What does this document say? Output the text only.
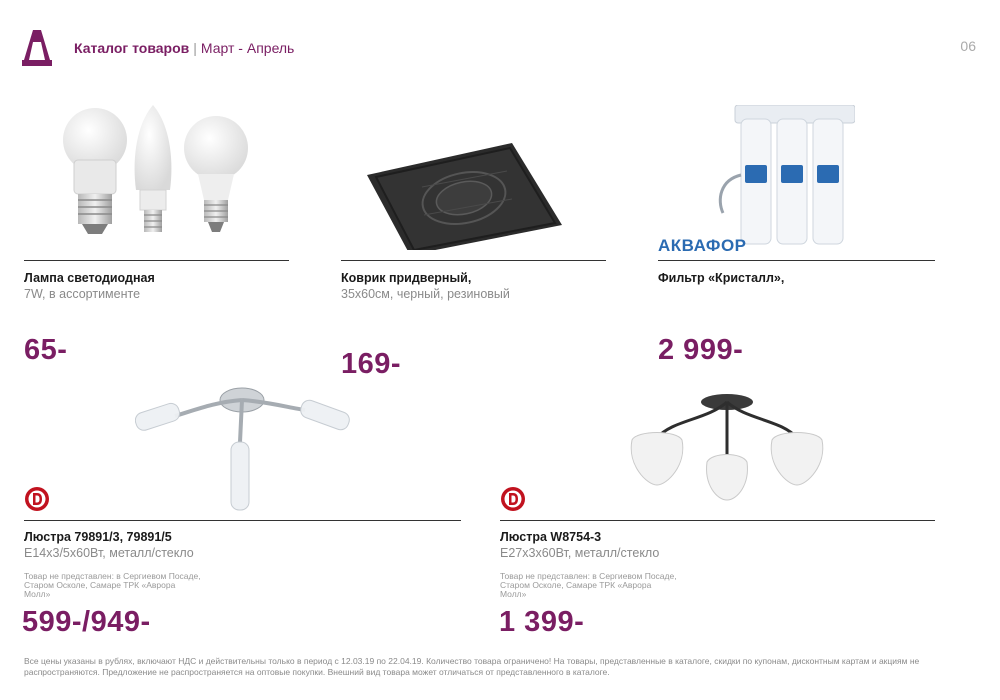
Каталог товаров | Март - Апрель	06
Лампа светодиодная
7W, в ассортименте
65-
Коврик придверный,
35х60см, черный, резиновый
169-
АКВАФОР
Фильтр «Кристалл»,
2 999-
Люстра 79891/3, 79891/5
Е14х3/5х60Вт, металл/стекло
Товар не представлен: в Сергиевом Посаде, Старом Осколе, Самаре ТРК «Аврора Молл»
599-/949-
Люстра W8754-3
Е27х3х60Вт, металл/стекло
Товар не представлен: в Сергиевом Посаде, Старом Осколе, Самаре ТРК «Аврора Молл»
1 399-
Все цены указаны в рублях, включают НДС и действительны только в период с 12.03.19 по 22.04.19. Количество товара ограничено! На товары, представленные в каталоге, скидки по купонам, дисконтным картам и акциям не распространяются. Предложение не распространяется на оптовые покупки. Внешний вид товара может отличаться от представленного в каталоге.
